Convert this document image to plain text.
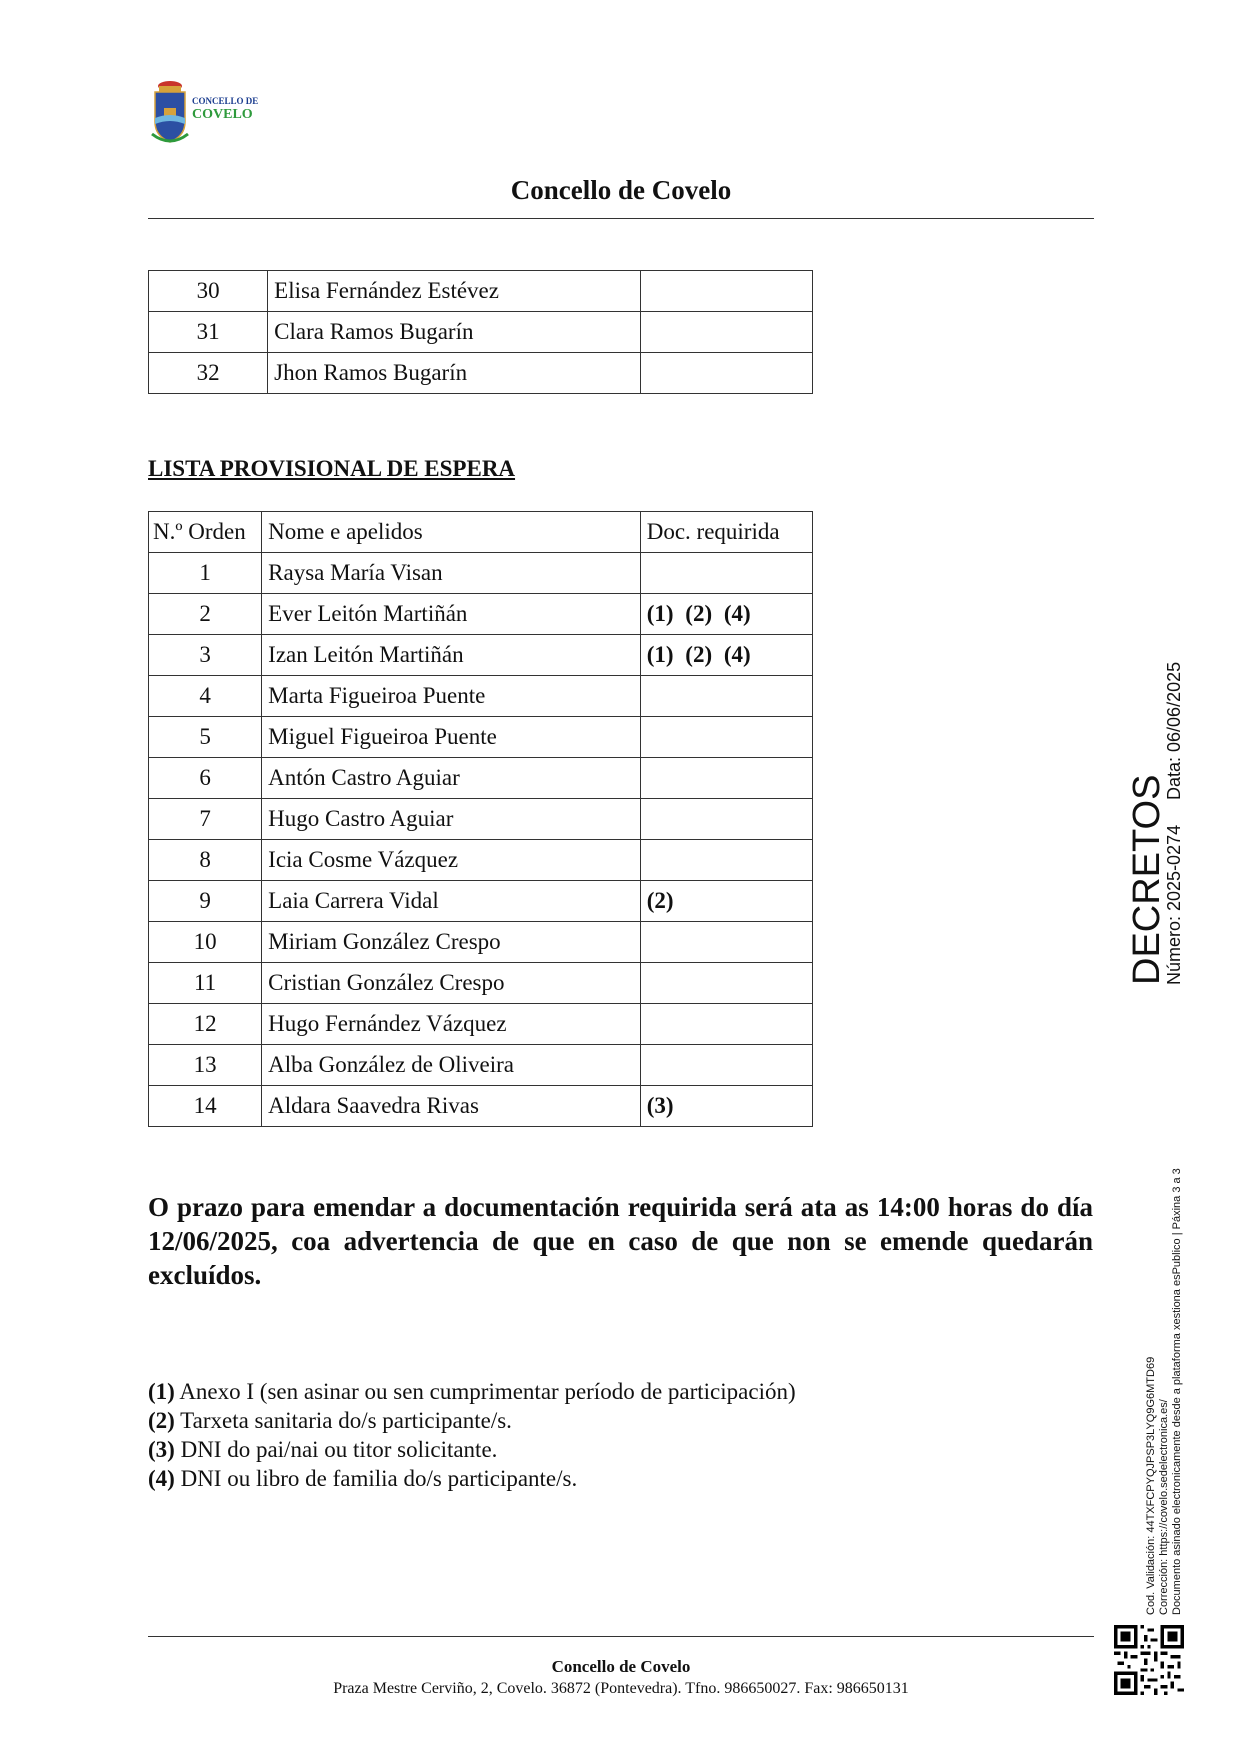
CONCELLO DE
COVELO
Concello de Covelo
30	Elisa Fernández Estévez	
31	Clara Ramos Bugarín	
32	Jhon Ramos Bugarín	
LISTA PROVISIONAL DE ESPERA
N.º Orden	Nome e apelidos	Doc. requirida
1	Raysa María Visan	
2	Ever Leitón Martiñán	(1) (2) (4)
3	Izan Leitón Martiñán	(1) (2) (4)
4	Marta Figueiroa Puente	
5	Miguel Figueiroa Puente	
6	Antón Castro Aguiar	
7	Hugo Castro Aguiar	
8	Icia Cosme Vázquez	
9	Laia Carrera Vidal	(2)
10	Miriam González Crespo	
11	Cristian González Crespo	
12	Hugo Fernández Vázquez	
13	Alba González de Oliveira	
14	Aldara Saavedra Rivas	(3)
O prazo para emendar a documentación requirida será ata as 14:00 horas do día 12/06/2025, coa advertencia de que en caso de que non se emende quedarán excluídos.
(1) Anexo I (sen asinar ou sen cumprimentar período de participación)
(2) Tarxeta sanitaria do/s participante/s.
(3) DNI do pai/nai ou titor solicitante.
(4) DNI ou libro de familia do/s participante/s.
Concello de Covelo
Praza Mestre Cerviño, 2, Covelo. 36872 (Pontevedra). Tfno. 986650027. Fax: 986650131
DECRETOS
Número: 2025-0274
Data: 06/06/2025
Cod. Validación: 44TXFCPYQJPSP3LYQ9G6MTD69 Corrección: https://covelo.sedelectronica.es/ Documento asinado electronicamente desde a plataforma xestiona esPublico | Páxina 3 a 3
